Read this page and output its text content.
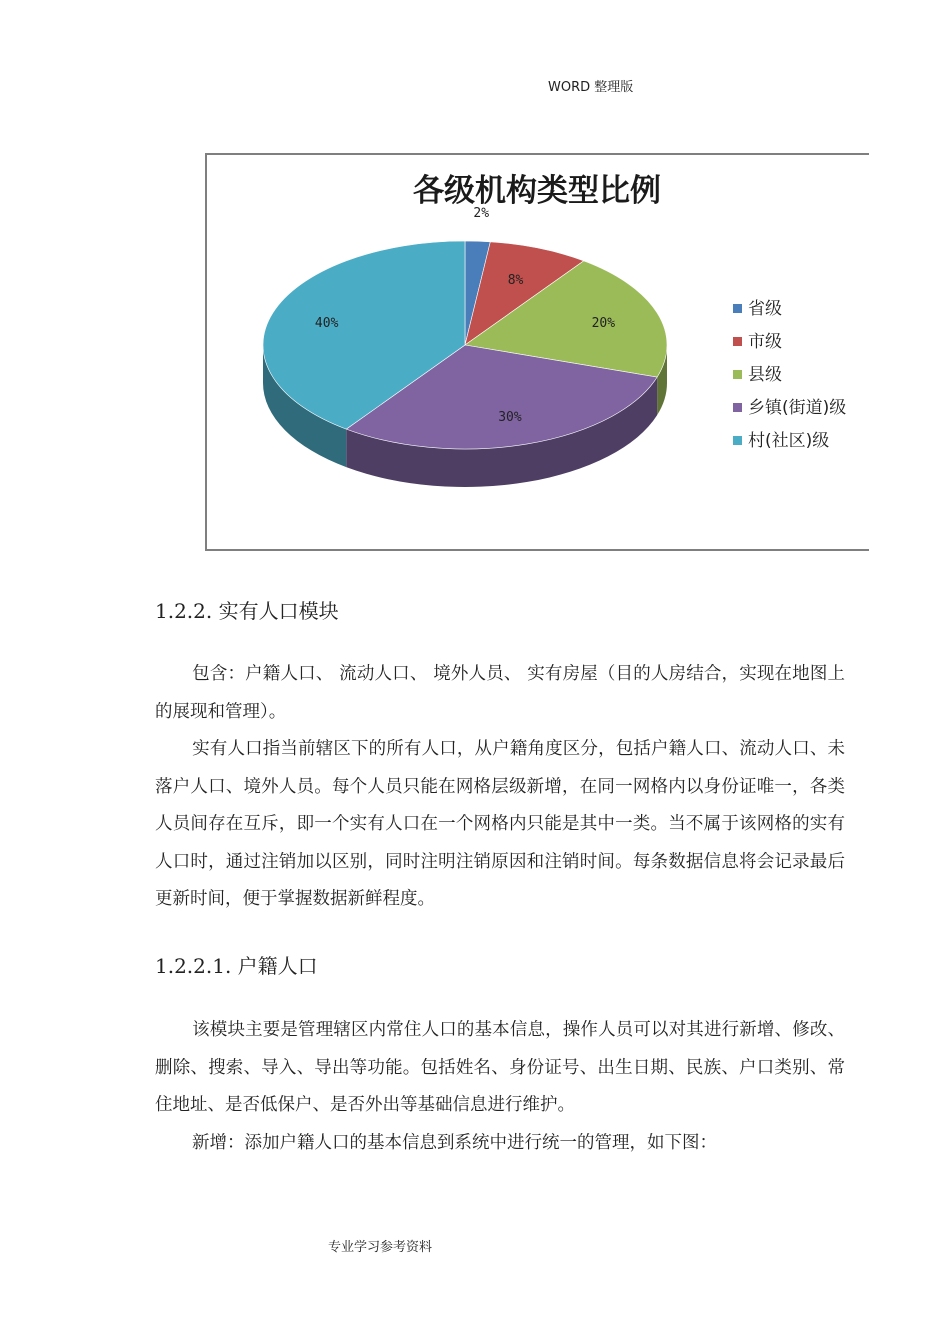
WORD 整理版
各级机构类型比例
2%
8%
20%
30%
40%
省级
市级
县级
乡镇(街道)级
村(社区)级
1.2.2. 实有人口模块

包含：户籍人口、 流动人口、 境外人员、 实有房屋（目的人房结合，实现在地图上的展现和管理）。

实有人口指当前辖区下的所有人口，从户籍角度区分，包括户籍人口、流动人口、未落户人口、境外人员。每个人员只能在网格层级新增，在同一网格内以身份证唯一，各类人员间存在互斥，即一个实有人口在一个网格内只能是其中一类。当不属于该网格的实有人口时，通过注销加以区别，同时注明注销原因和注销时间。每条数据信息将会记录最后更新时间，便于掌握数据新鲜程度。

1.2.2.1. 户籍人口

该模块主要是管理辖区内常住人口的基本信息，操作人员可以对其进行新增、修改、删除、搜索、导入、导出等功能。包括姓名、身份证号、出生日期、民族、户口类别、常住地址、是否低保户、是否外出等基础信息进行维护。

新增：添加户籍人口的基本信息到系统中进行统一的管理，如下图：

专业学习参考资料
